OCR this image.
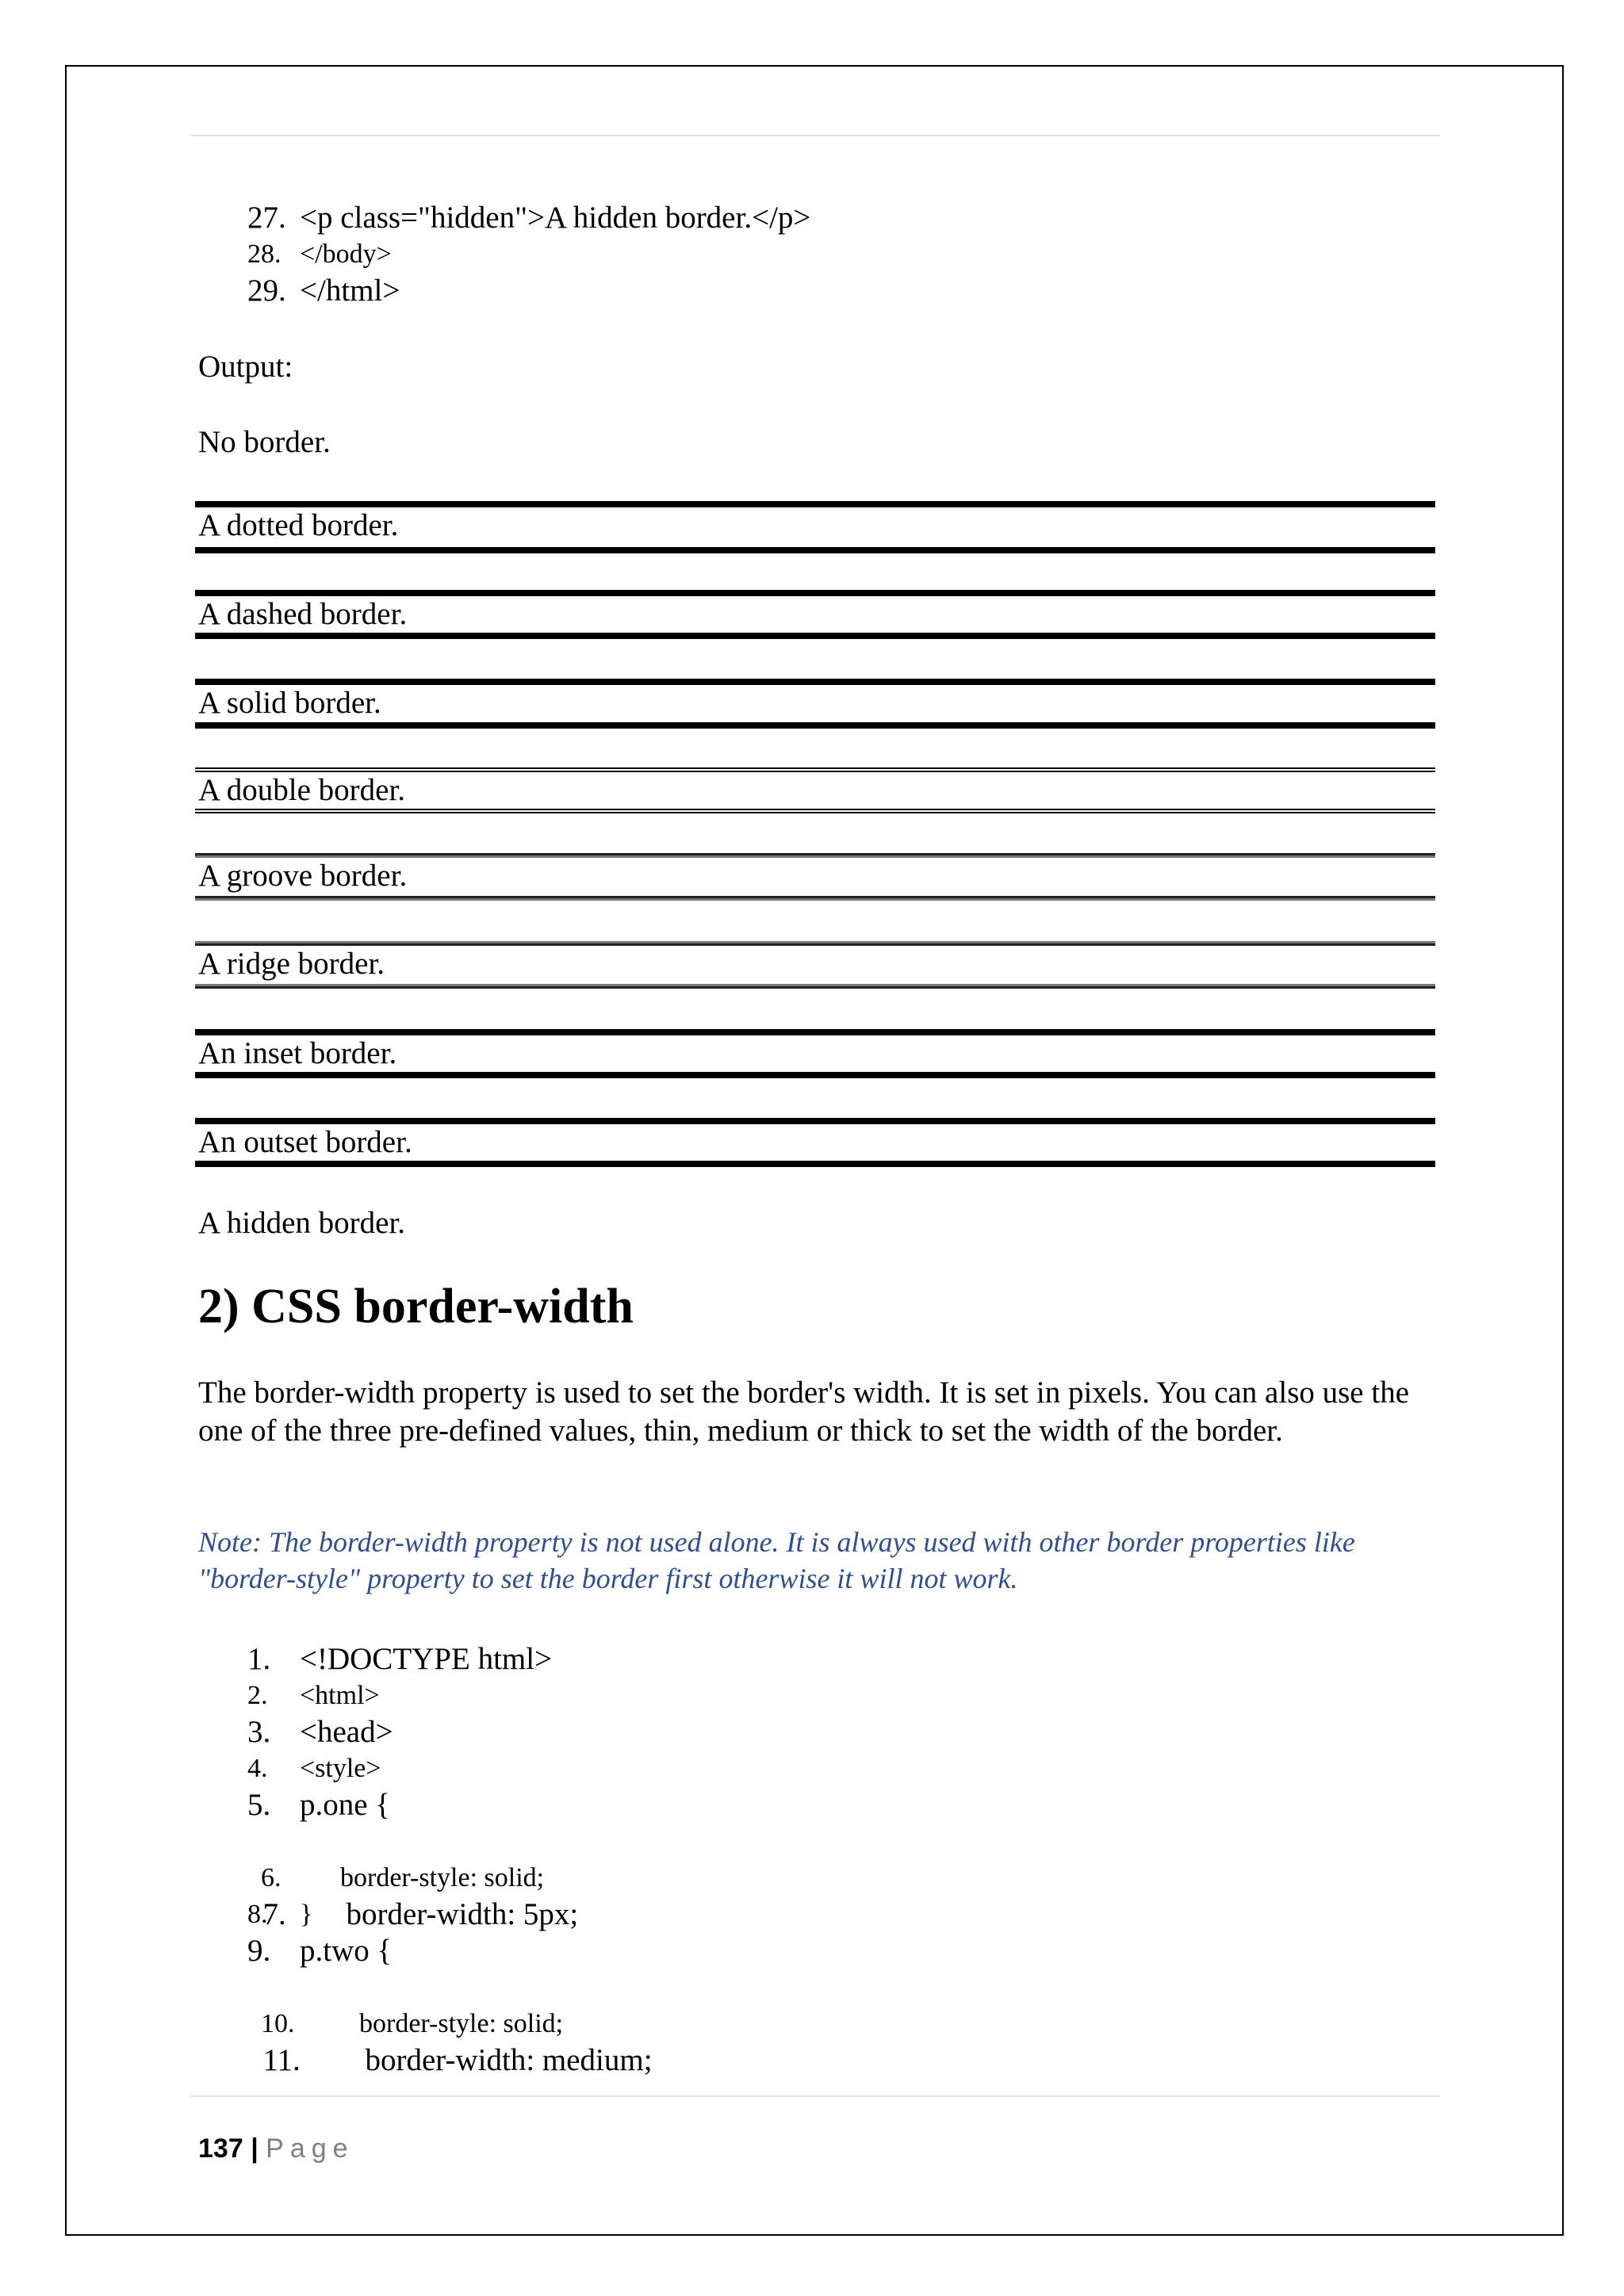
27. <p class="hidden">A hidden border.</p>
28. </body>
29. </html>
Output:
No border.
A dotted border.
A dashed border.
A solid border.
A double border.
A groove border.
A ridge border.
An inset border.
An outset border.
A hidden border.
2) CSS border-width
The border-width property is used to set the border's width. It is set in pixels. You can also use the one of the three pre-defined values, thin, medium or thick to set the width of the border.
Note: The border-width property is not used alone. It is always used with other border properties like "border-style" property to set the border first otherwise it will not work.
1. <!DOCTYPE html>
2. <html>
3. <head>
4. <style>
5. p.one {

6.    border-style: solid;

7.    border-width: 5px;

8. }
9. p.two {

10.    border-style: solid;

11.    border-width: medium;

137 | Page
